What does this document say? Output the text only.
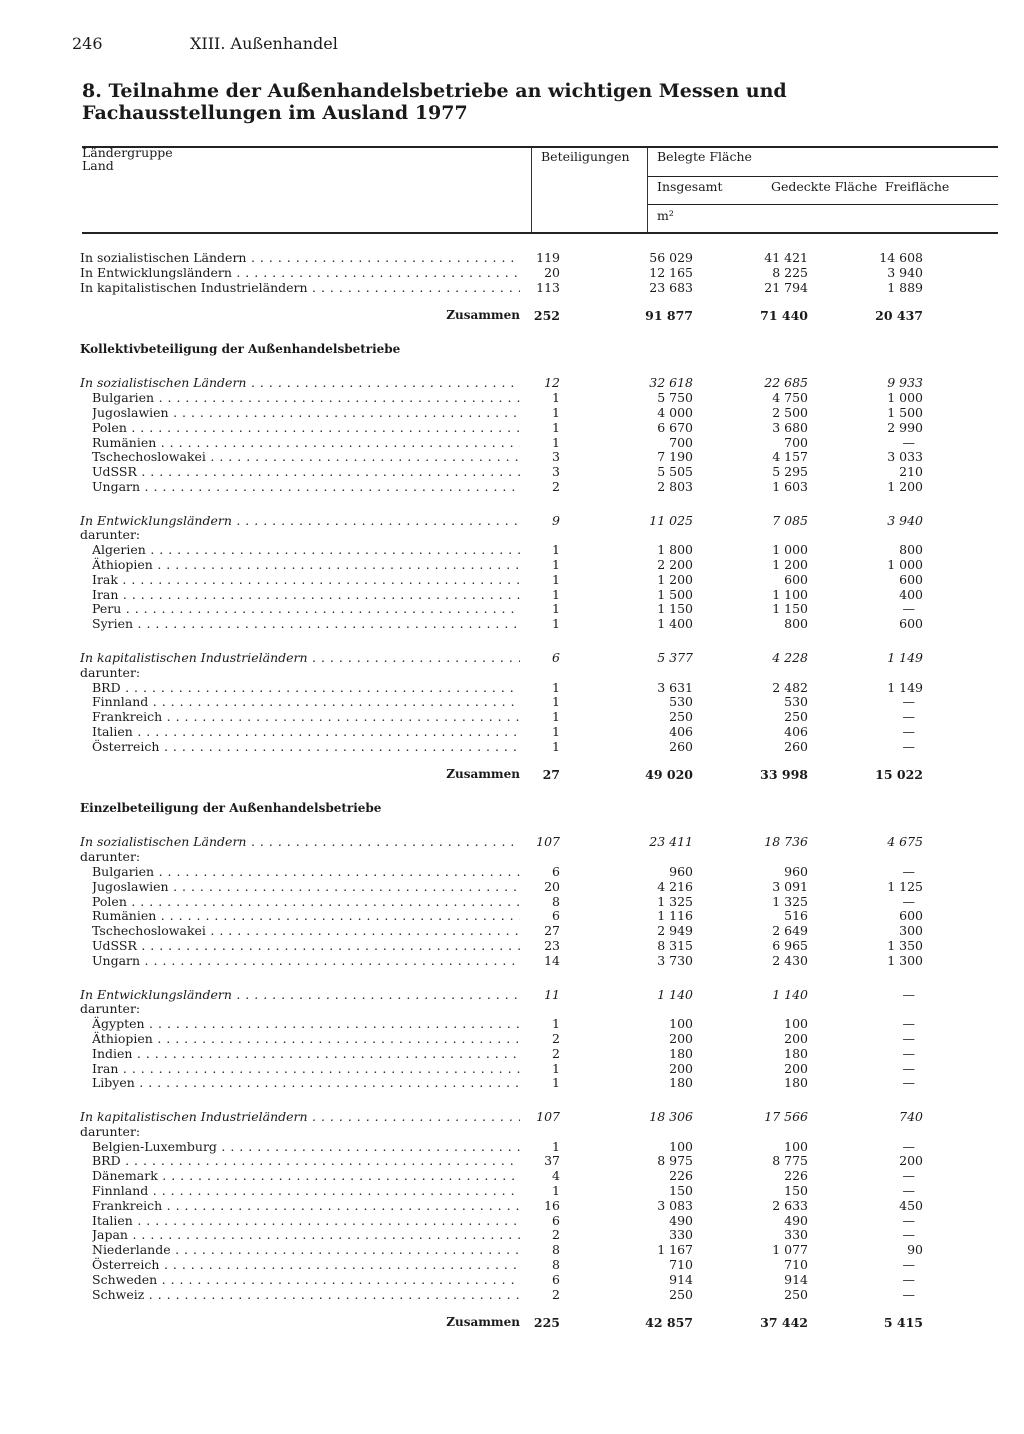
246	XIII. Außenhandel
8. Teilnahme der Außenhandelsbetriebe an wichtigen Messen und Fachausstellungen im Ausland 1977
Ländergruppe
Land
Beteiligungen Belegte Fläche
Insgesamt	Gedeckte Fläche Freifläche
m²
In sozialistischen Ländern . . .	119	56 029	41 421	14 608
In Entwicklungsländern . . .	20	12 165	8 225	3 940
In kapitalistischen Industrieländern . . .	113	23 683	21 794	1 889
Zusammen	252	91 877	71 440	20 437
Kollektivbeteiligung der Außenhandelsbetriebe
In sozialistischen Ländern . . .	12	32 618	22 685	9 933
Bulgarien . . .	1	5 750	4 750	1 000
Jugoslawien . . .	1	4 000	2 500	1 500
Polen . . .	1	6 670	3 680	2 990
Rumänien . . .	1	700	700	—
Tschechoslowakei . . .	3	7 190	4 157	3 033
UdSSR . . .	3	5 505	5 295	210
Ungarn . . .	2	2 803	1 603	1 200
In Entwicklungsländern . . .	9	11 025	7 085	3 940
darunter:
Algerien . . .	1	1 800	1 000	800
Äthiopien . . .	1	2 200	1 200	1 000
Irak . . .	1	1 200	600	600
Iran . . .	1	1 500	1 100	400
Peru . . .	1	1 150	1 150	—
Syrien . . .	1	1 400	800	600
In kapitalistischen Industrieländern . . .	6	5 377	4 228	1 149
darunter:
BRD . . .	1	3 631	2 482	1 149
Finnland . . .	1	530	530	—
Frankreich . . .	1	250	250	—
Italien . . .	1	406	406	—
Österreich . . .	1	260	260	—
Zusammen	27	49 020	33 998	15 022
Einzelbeteiligung der Außenhandelsbetriebe
In sozialistischen Ländern . . .	107	23 411	18 736	4 675
darunter:
Bulgarien . . .	6	960	960	—
Jugoslawien . . .	20	4 216	3 091	1 125
Polen . . .	8	1 325	1 325	—
Rumänien . . .	6	1 116	516	600
Tschechoslowakei . . .	27	2 949	2 649	300
UdSSR . . .	23	8 315	6 965	1 350
Ungarn . . .	14	3 730	2 430	1 300
In Entwicklungsländern . . .	11	1 140	1 140	—
darunter:
Ägypten . . .	1	100	100	—
Äthiopien . . .	2	200	200	—
Indien . . .	2	180	180	—
Iran . . .	1	200	200	—
Libyen . . .	1	180	180	—
In kapitalistischen Industrieländern . . .	107	18 306	17 566	740
darunter:
Belgien-Luxemburg . . .	1	100	100	—
BRD . . .	37	8 975	8 775	200
Dänemark . . .	4	226	226	—
Finnland . . .	1	150	150	—
Frankreich . . .	16	3 083	2 633	450
Italien . . .	6	490	490	—
Japan . . .	2	330	330	—
Niederlande . . .	8	1 167	1 077	90
Österreich . . .	8	710	710	—
Schweden . . .	6	914	914	—
Schweiz . . .	2	250	250	—
Zusammen	225	42 857	37 442	5 415
